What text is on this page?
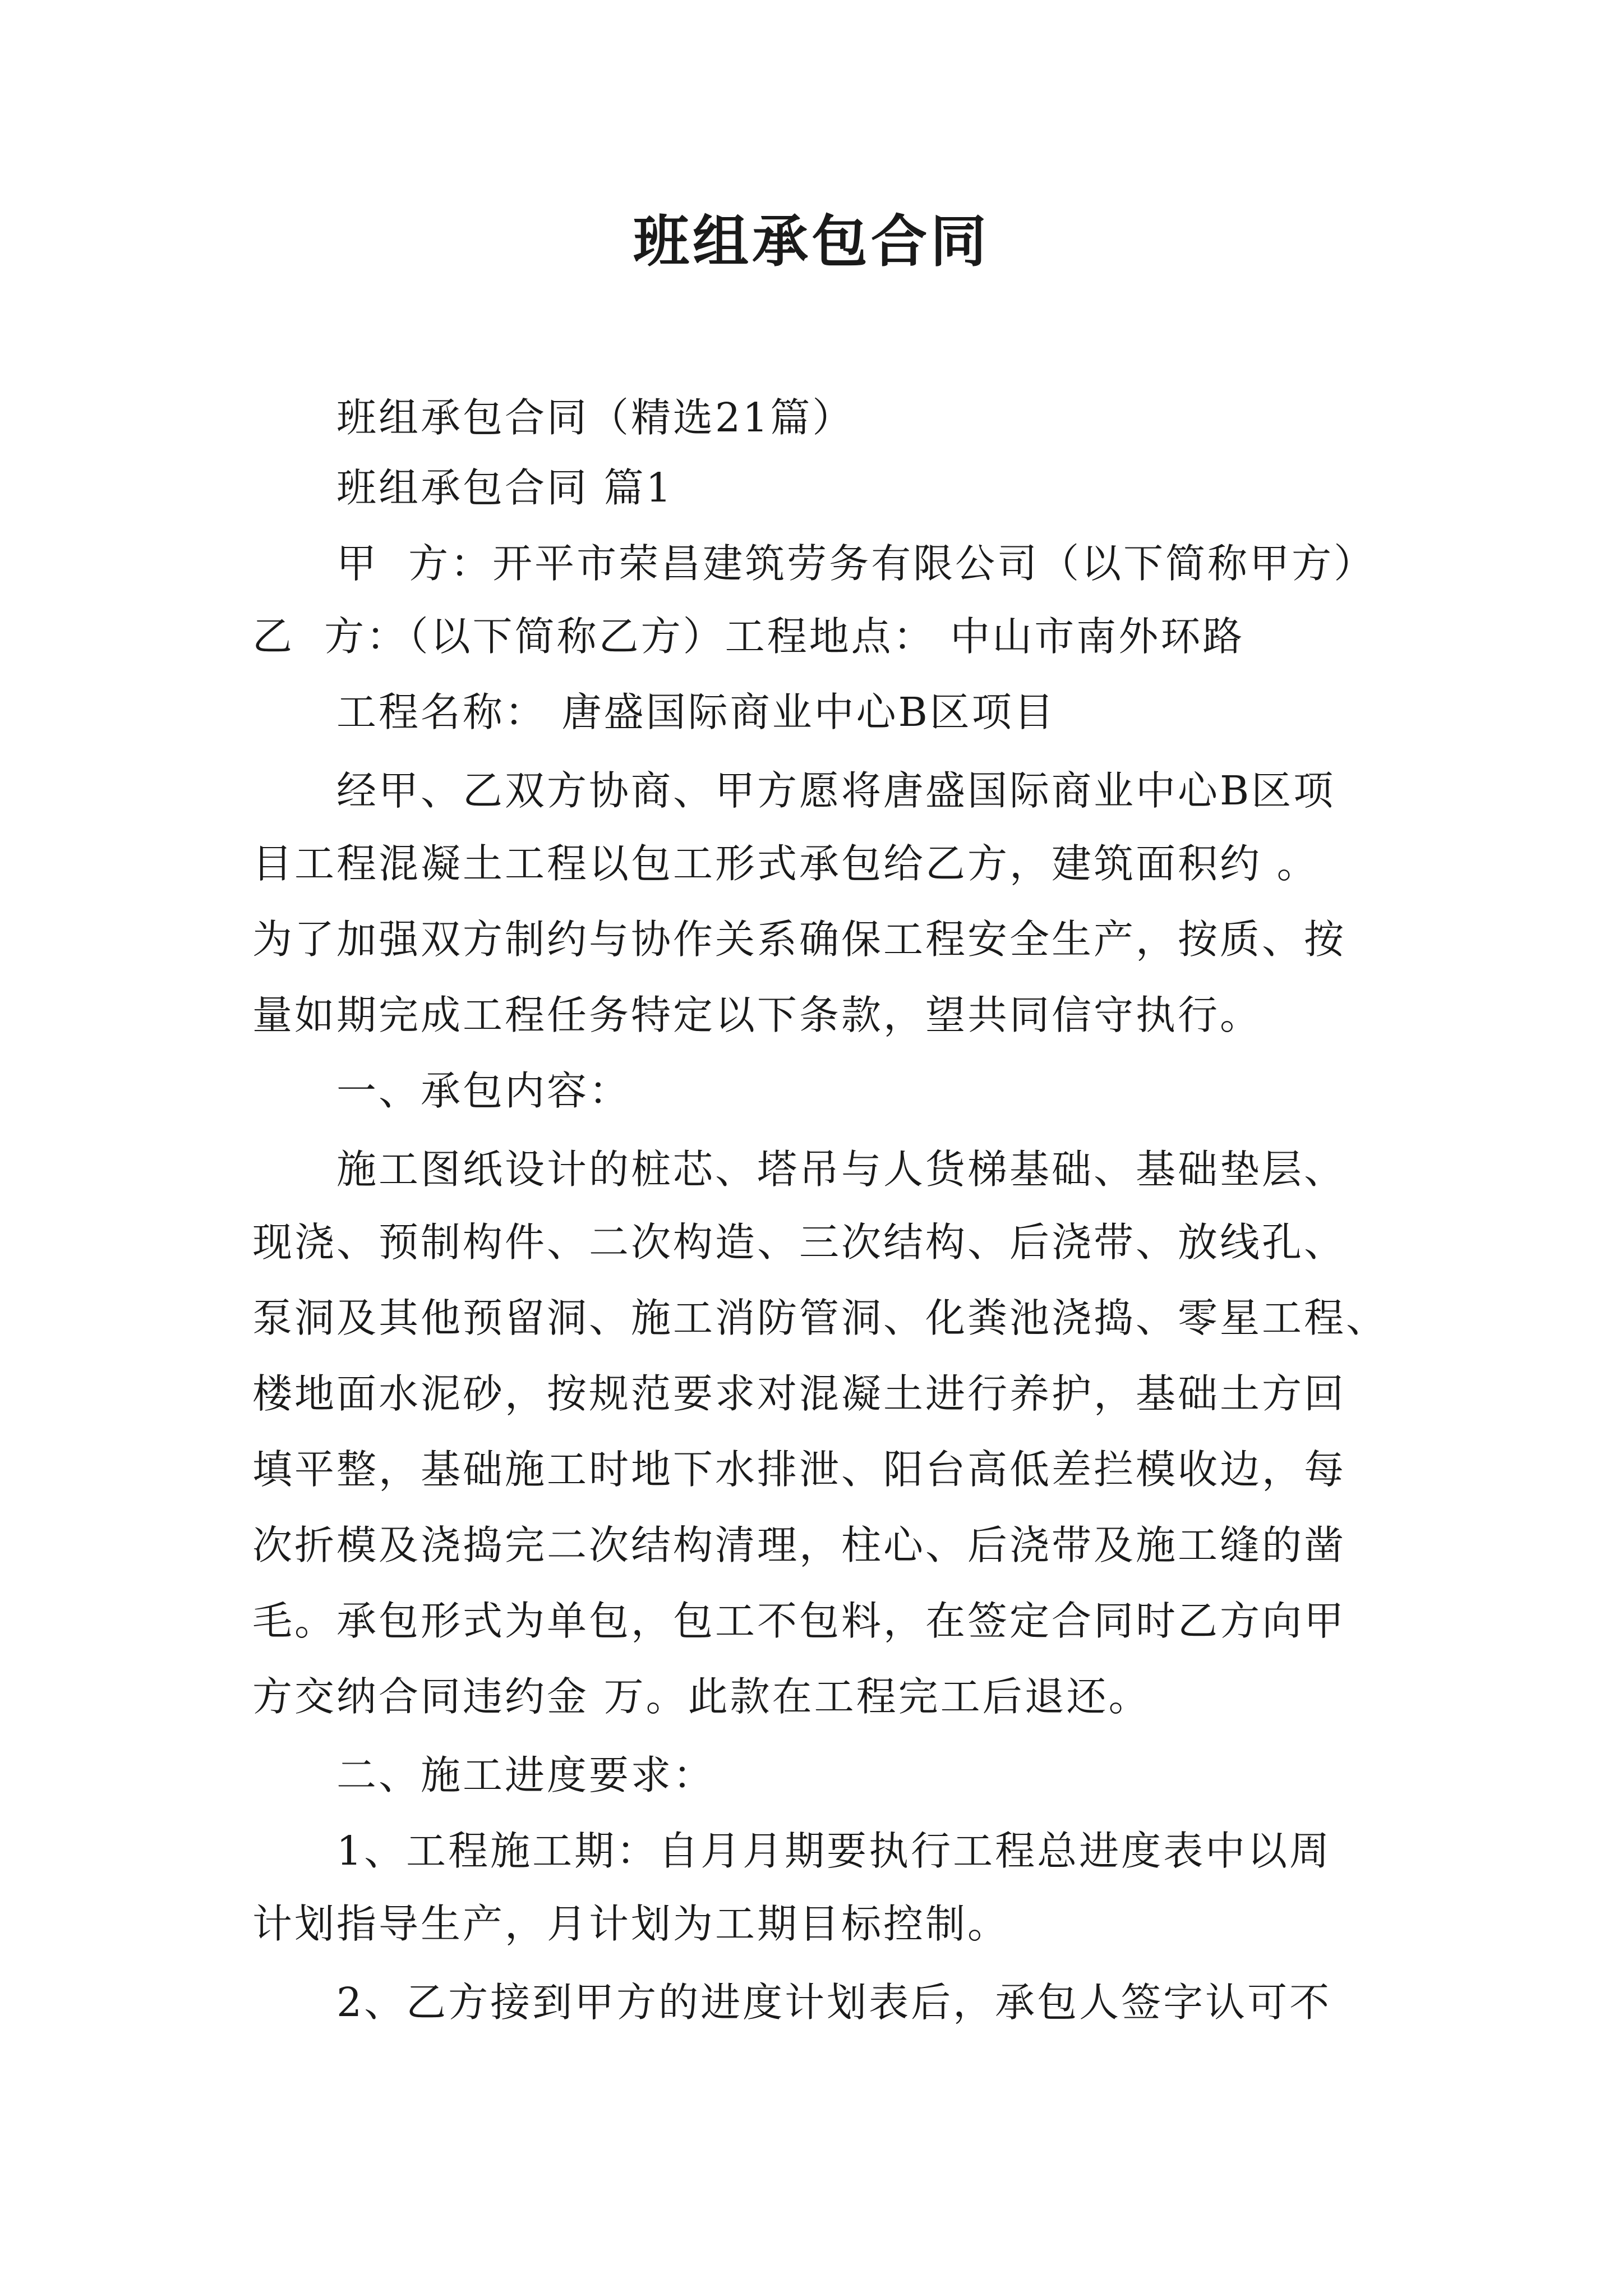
班组承包合同
班组承包合同（精选21篇）
班组承包合同 篇1
甲  方：开平市荣昌建筑劳务有限公司（以下简称甲方）
乙  方：（以下简称乙方）工程地点： 中山市南外环路
工程名称： 唐盛国际商业中心B区项目
经甲、乙双方协商、甲方愿将唐盛国际商业中心B区项
目工程混凝土工程以包工形式承包给乙方，建筑面积约 。
为了加强双方制约与协作关系确保工程安全生产，按质、按
量如期完成工程任务特定以下条款，望共同信守执行。
一、承包内容：
施工图纸设计的桩芯、塔吊与人货梯基础、基础垫层、
现浇、预制构件、二次构造、三次结构、后浇带、放线孔、
泵洞及其他预留洞、施工消防管洞、化粪池浇捣、零星工程、
楼地面水泥砂，按规范要求对混凝土进行养护，基础土方回
填平整，基础施工时地下水排泄、阳台高低差拦模收边，每
次折模及浇捣完二次结构清理，柱心、后浇带及施工缝的凿
毛。承包形式为单包，包工不包料，在签定合同时乙方向甲
方交纳合同违约金 万。此款在工程完工后退还。
二、施工进度要求：
1、工程施工期：自月月期要执行工程总进度表中以周
计划指导生产，月计划为工期目标控制。
2、乙方接到甲方的进度计划表后，承包人签字认可不
